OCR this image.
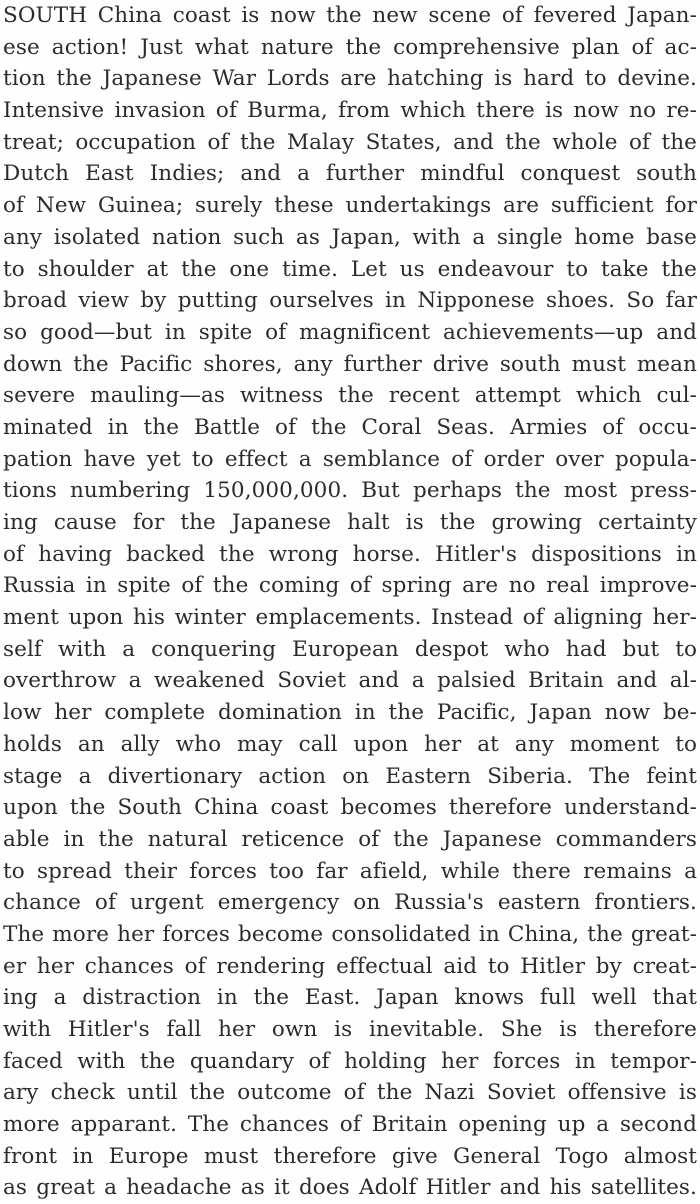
SOUTH China coast is now the new scene of fevered Japan-
ese action! Just what nature the comprehensive plan of ac-
tion the Japanese War Lords are hatching is hard to devine.
Intensive invasion of Burma, from which there is now no re-
treat; occupation of the Malay States, and the whole of the
Dutch East Indies; and a further mindful conquest south
of New Guinea; surely these undertakings are sufficient for
any isolated nation such as Japan, with a single home base
to shoulder at the one time. Let us endeavour to take the
broad view by putting ourselves in Nipponese shoes. So far
so good—but in spite of magnificent achievements—up and
down the Pacific shores, any further drive south must mean
severe mauling—as witness the recent attempt which cul-
minated in the Battle of the Coral Seas. Armies of occu-
pation have yet to effect a semblance of order over popula-
tions numbering 150,000,000. But perhaps the most press-
ing cause for the Japanese halt is the growing certainty
of having backed the wrong horse. Hitler's dispositions in
Russia in spite of the coming of spring are no real improve-
ment upon his winter emplacements. Instead of aligning her-
self with a conquering European despot who had but to
overthrow a weakened Soviet and a palsied Britain and al-
low her complete domination in the Pacific, Japan now be-
holds an ally who may call upon her at any moment to
stage a divertionary action on Eastern Siberia. The feint
upon the South China coast becomes therefore understand-
able in the natural reticence of the Japanese commanders
to spread their forces too far afield, while there remains a
chance of urgent emergency on Russia's eastern frontiers.
The more her forces become consolidated in China, the great-
er her chances of rendering effectual aid to Hitler by creat-
ing a distraction in the East. Japan knows full well that
with Hitler's fall her own is inevitable. She is therefore
faced with the quandary of holding her forces in tempor-
ary check until the outcome of the Nazi Soviet offensive is
more apparant. The chances of Britain opening up a second
front in Europe must therefore give General Togo almost
as great a headache as it does Adolf Hitler and his satellites.
